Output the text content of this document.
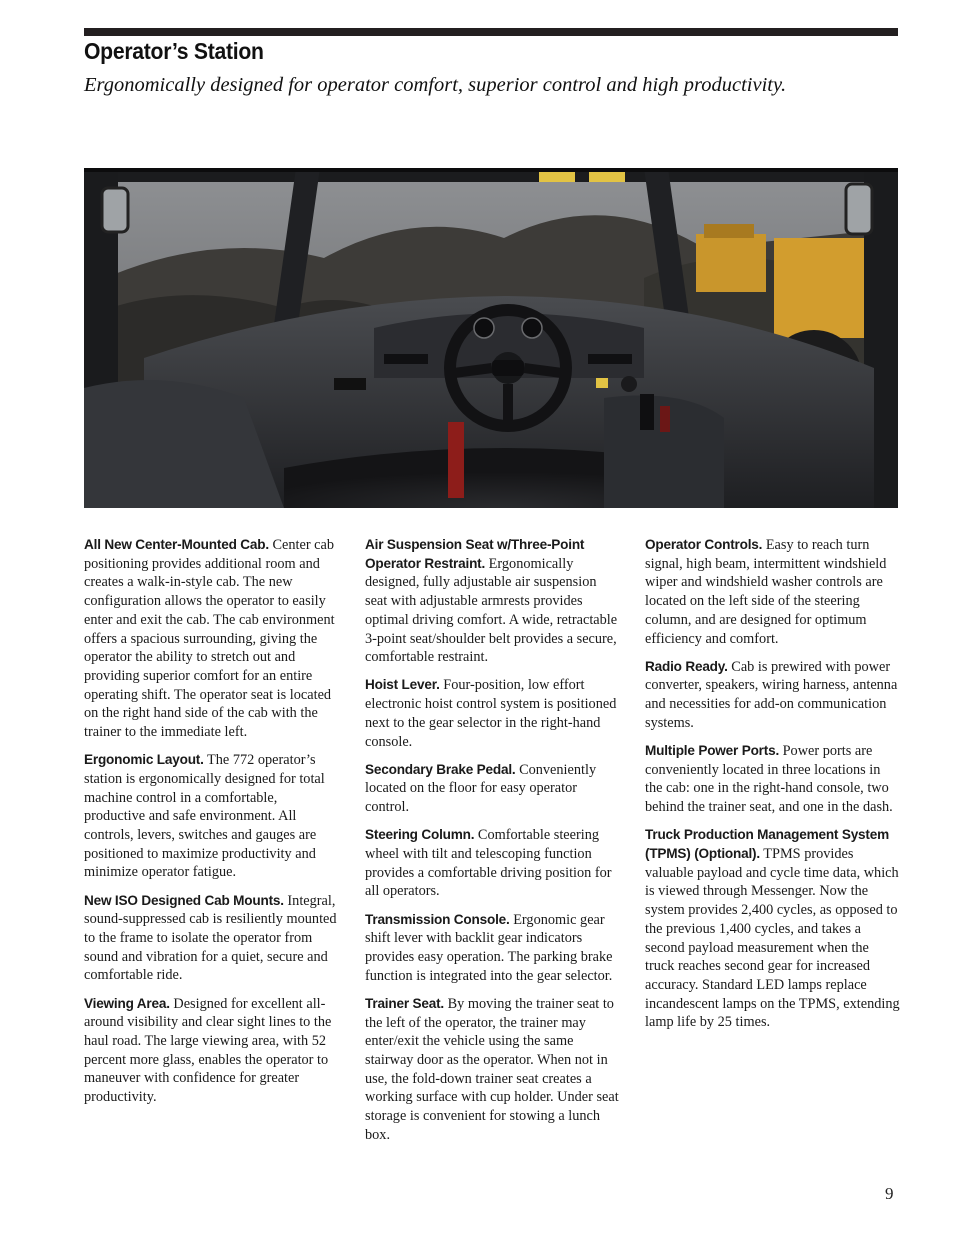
Operator’s Station
Ergonomically designed for operator comfort, superior control and high productivity.

All New Center-Mounted Cab. Center cab positioning provides additional room and creates a walk-in-style cab. The new configuration allows the operator to easily enter and exit the cab. The cab environment offers a spacious surrounding, giving the operator the ability to stretch out and providing superior comfort for an entire operating shift. The operator seat is located on the right hand side of the cab with the trainer to the immediate left.

Ergonomic Layout. The 772 operator’s station is ergonomically designed for total machine control in a comfortable, productive and safe environment. All controls, levers, switches and gauges are positioned to maximize productivity and minimize operator fatigue.

New ISO Designed Cab Mounts. Integral, sound-suppressed cab is resiliently mounted to the frame to isolate the operator from sound and vibration for a quiet, secure and comfortable ride.

Viewing Area. Designed for excellent all-around visibility and clear sight lines to the haul road. The large viewing area, with 52 percent more glass, enables the operator to maneuver with confidence for greater productivity.

Air Suspension Seat w/Three-Point Operator Restraint. Ergonomically designed, fully adjustable air suspension seat with adjustable armrests provides optimal driving comfort. A wide, retractable 3-point seat/shoulder belt provides a secure, comfortable restraint.

Hoist Lever. Four-position, low effort electronic hoist control system is positioned next to the gear selector in the right-hand console.

Secondary Brake Pedal. Conveniently located on the floor for easy operator control.

Steering Column. Comfortable steering wheel with tilt and telescoping function provides a comfortable driving position for all operators.

Transmission Console. Ergonomic gear shift lever with backlit gear indicators provides easy operation. The parking brake function is integrated into the gear selector.

Trainer Seat. By moving the trainer seat to the left of the operator, the trainer may enter/exit the vehicle using the same stairway door as the operator. When not in use, the fold-down trainer seat creates a working surface with cup holder. Under seat storage is convenient for stowing a lunch box.

Operator Controls. Easy to reach turn signal, high beam, intermittent windshield wiper and windshield washer controls are located on the left side of the steering column, and are designed for optimum efficiency and comfort.

Radio Ready. Cab is prewired with power converter, speakers, wiring harness, antenna and necessities for add-on communication systems.

Multiple Power Ports. Power ports are conveniently located in three locations in the cab: one in the right-hand console, two behind the trainer seat, and one in the dash.

Truck Production Management System (TPMS) (Optional). TPMS provides valuable payload and cycle time data, which is viewed through Messenger. Now the system provides 2,400 cycles, as opposed to the previous 1,400 cycles, and takes a second payload measurement when the truck reaches second gear for increased accuracy. Standard LED lamps replace incandescent lamps on the TPMS, extending lamp life by 25 times.

9
